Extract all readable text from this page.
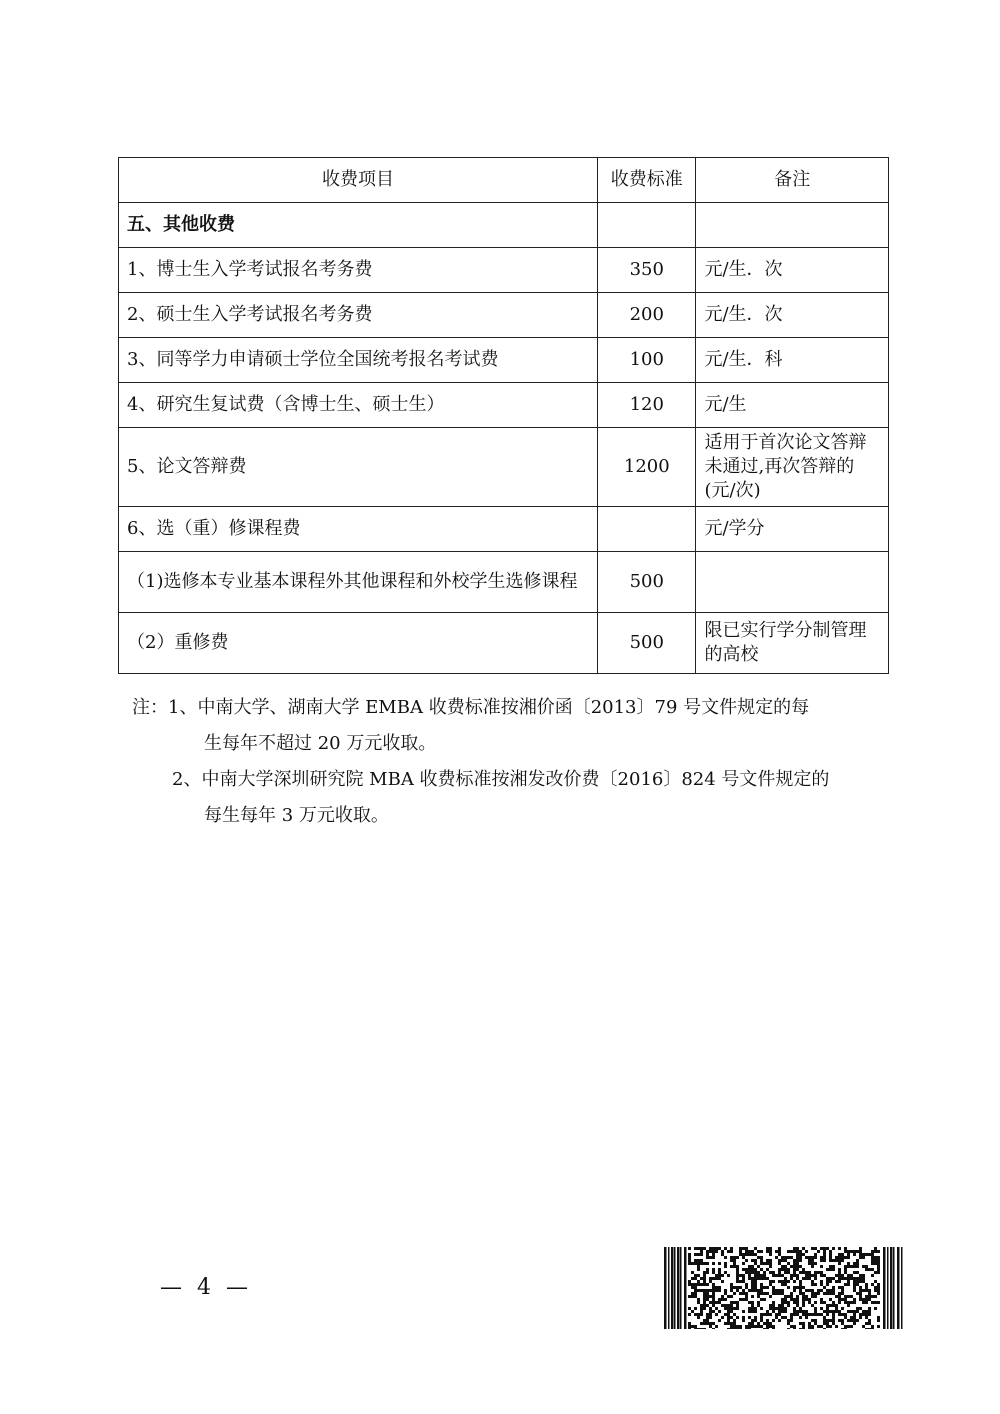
收费项目	收费标准	备注
五、其他收费		
1、博士生入学考试报名考务费	350	元/生．次
2、硕士生入学考试报名考务费	200	元/生．次
3、同等学力申请硕士学位全国统考报名考试费	100	元/生．科
4、研究生复试费（含博士生、硕士生）	120	元/生
5、论文答辩费	1200	适用于首次论文答辩未通过,再次答辩的(元/次)
6、选（重）修课程费		元/学分
（1)选修本专业基本课程外其他课程和外校学生选修课程	500	
（2）重修费	500	限已实行学分制管理的高校
注：1、中南大学、湖南大学 EMBA 收费标准按湘价函〔2013〕79 号文件规定的每
生每年不超过 20 万元收取。
2、中南大学深圳研究院 MBA 收费标准按湘发改价费〔2016〕824 号文件规定的
每生每年 3 万元收取。
— 4 —
